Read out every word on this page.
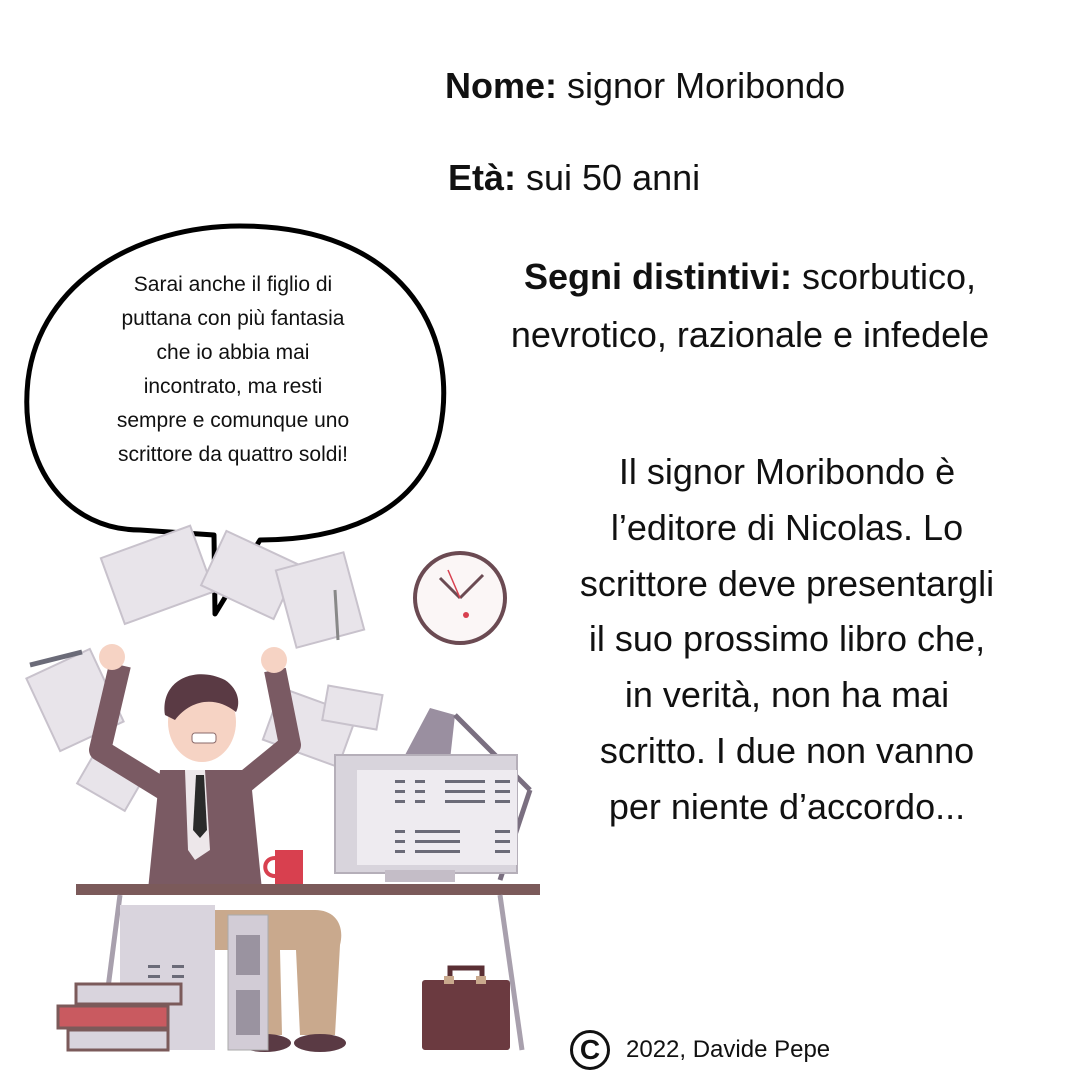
Nome: signor Moribondo
Età: sui 50 anni
Segni distintivi: scorbutico, nevrotico, razionale e infedele
Il signor Moribondo è l’editore di Nicolas. Lo scrittore deve presentargli il suo prossimo libro che, in verità, non ha mai scritto. I due non vanno per niente d’accordo...
Sarai anche il figlio di puttana con più fantasia che io abbia mai incontrato, ma resti sempre e comunque uno scrittore da quattro soldi!
C	2022, Davide Pepe
